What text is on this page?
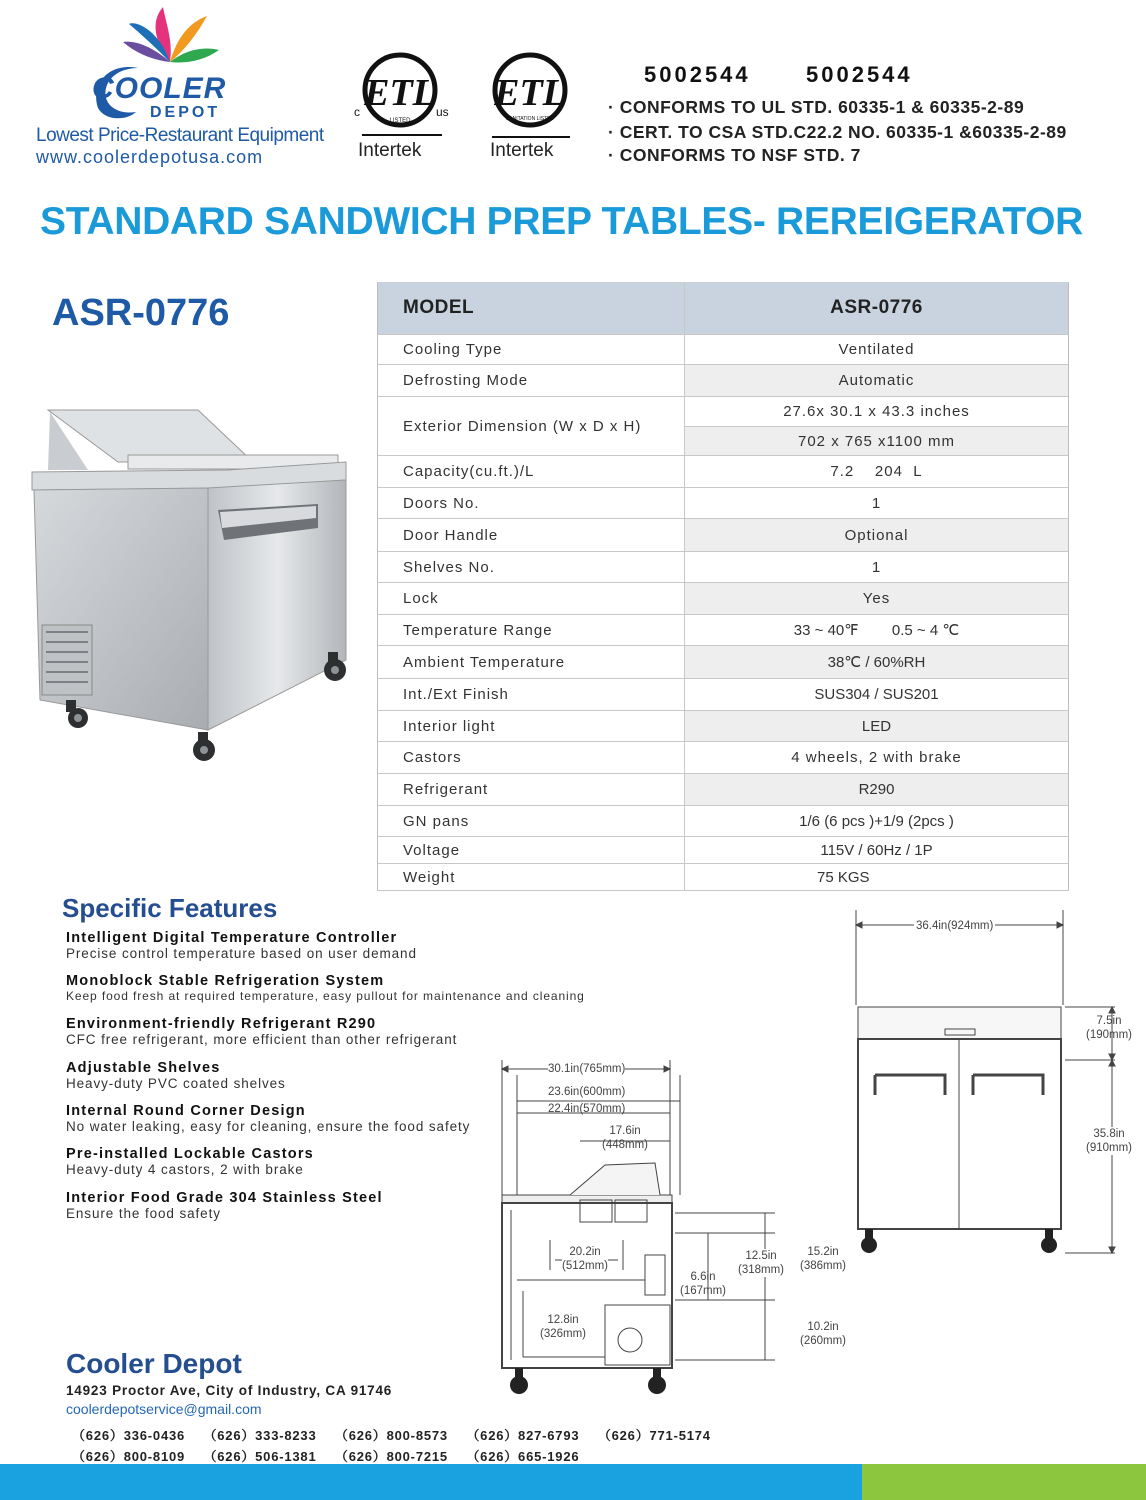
COOLER
DEPOT
Lowest Price-Restaurant Equipment
www.coolerdepotusa.com
ETL
LISTED
c	us
Intertek
ETL
SANITATION LISTED
Intertek
5002544	5002544
· CONFORMS TO UL STD. 60335-1 & 60335-2-89
· CERT. TO CSA STD.C22.2 NO. 60335-1 &60335-2-89
· CONFORMS TO NSF STD. 7
STANDARD SANDWICH PREP TABLES- REREIGERATOR
ASR-0776	MODEL	ASR-0776
Cooling Type	Ventilated
Defrosting Mode	Automatic
Exterior Dimension (W x D x H)	27.6x 30.1 x 43.3 inches
	702 x 765 x1100 mm
Capacity(cu.ft.)/L	7.2    204  L
Doors No.	1
Door Handle	Optional
Shelves No.	1
Lock	Yes
Temperature Range	33 ~ 40℉        0.5 ~ 4 ℃
Ambient Temperature	38℃ / 60%RH
Int./Ext Finish	SUS304 / SUS201
Interior light	LED
Castors	4 wheels, 2 with brake
Refrigerant	R290
GN pans	1/6 (6 pcs )+1/9 (2pcs )
Voltage	115V / 60Hz / 1P
Weight	75 KGS
Specific Features
Intelligent Digital Temperature Controller
Precise control temperature based on user demand
Monoblock Stable Refrigeration System
Keep food fresh at required temperature, easy pullout for maintenance and cleaning
Environment-friendly Refrigerant R290
CFC free refrigerant, more efficient than other refrigerant
Adjustable Shelves
Heavy-duty PVC coated shelves
Internal Round Corner Design
No water leaking, easy for cleaning, ensure the food safety
Pre-installed Lockable Castors
Heavy-duty 4 castors, 2 with brake
Interior Food Grade 304 Stainless Steel
Ensure the food safety
36.4in(924mm)
7.5in
(190mm)
35.8in
(910mm)
30.1in(765mm)
23.6in(600mm)
22.4in(570mm)
17.6in
(448mm)
20.2in
(512mm)
6.6in
(167mm)
12.5in
(318mm)
15.2in
(386mm)
12.8in
(326mm)
10.2in
(260mm)
Cooler Depot
14923 Proctor Ave, City of Industry, CA 91746
coolerdepotservice@gmail.com
（626）336-0436 （626）333-8233 （626）800-8573 （626）827-6793 （626）771-5174
（626）800-8109 （626）506-1381 （626）800-7215 （626）665-1926
